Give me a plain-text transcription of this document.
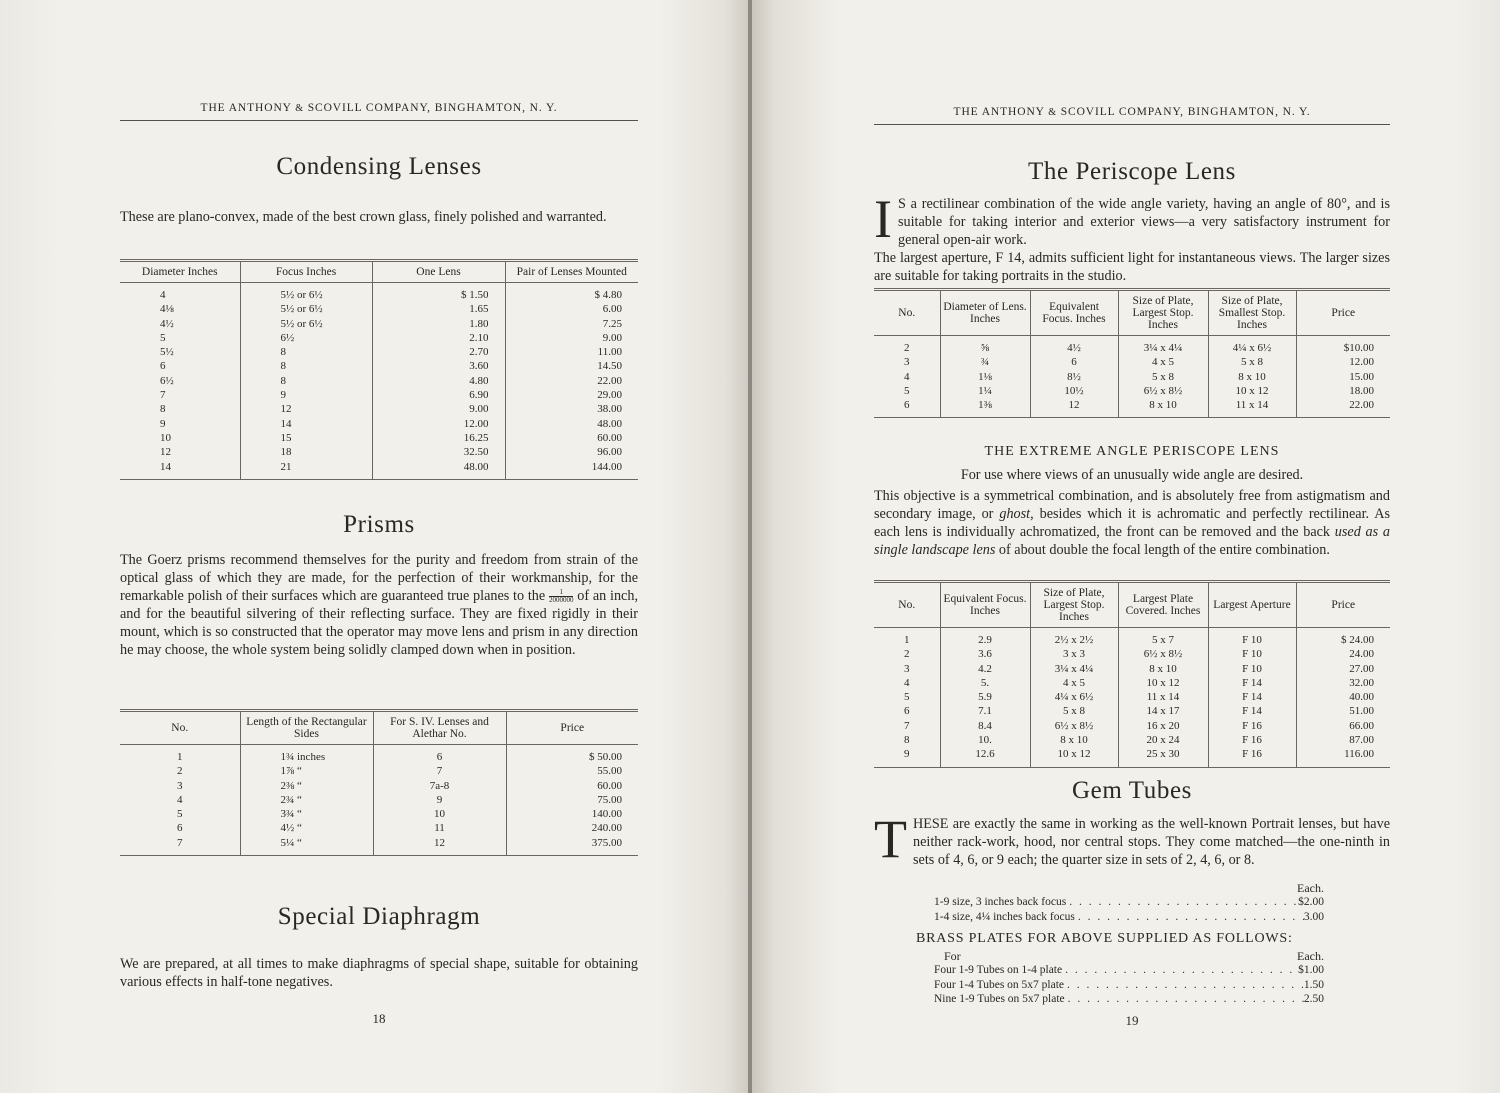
THE ANTHONY & SCOVILL COMPANY, BINGHAMTON, N. Y.
Condensing Lenses

These are plano-convex, made of the best crown glass, finely polished and warranted.

Diameter Inches	Focus Inches	One Lens	Pair of Lenses Mounted
4	5½ or 6½	$ 1.50	$ 4.80
4⅛	5½ or 6½	1.65	6.00
4½	5½ or 6½	1.80	7.25
5	6½	2.10	9.00
5½	8	2.70	11.00
6	8	3.60	14.50
6½	8	4.80	22.00
7	9	6.90	29.00
8	12	9.00	38.00
9	14	12.00	48.00
10	15	16.25	60.00
12	18	32.50	96.00
14	21	48.00	144.00
Prisms

The Goerz prisms recommend themselves for the purity and freedom from strain of the optical glass of which they are made, for the perfection of their workmanship, for the remarkable polish of their surfaces which are guaranteed true planes to the $\frac{1}{2000000}$ of an inch, and for the beautiful silvering of their reflecting surface. They are fixed rigidly in their mount, which is so constructed that the operator may move lens and prism in any direction he may choose, the whole system being solidly clamped down when in position.

No.	Length of the Rectangular Sides	For S. IV. Lenses and Alethar No.	Price
1	1¾ inches	6	$ 50.00
2	1⅞ “	7	55.00
3	2⅜ “	7a-8	60.00
4	2¾ “	9	75.00
5	3¾ “	10	140.00
6	4½ “	11	240.00
7	5¼ “	12	375.00
Special Diaphragm

We are prepared, at all times to make diaphragms of special shape, suitable for obtaining various effects in half-tone negatives.

18
THE ANTHONY & SCOVILL COMPANY, BINGHAMTON, N. Y.
The Periscope Lens

I S a rectilinear combination of the wide angle variety, having an angle of 80°, and is suitable for taking interior and exterior views—a very satisfactory instrument for general open-air work.

The largest aperture, F 14, admits sufficient light for instantaneous views. The larger sizes are suitable for taking portraits in the studio.

No.	Diameter of Lens. Inches	Equivalent Focus. Inches	Size of Plate, Largest Stop. Inches	Size of Plate, Smallest Stop. Inches	Price
2	⅝	4½	3¼ x 4¼	4¼ x 6½	$10.00
3	¾	6	4 x 5	5 x 8	12.00
4	1⅛	8½	5 x 8	8 x 10	15.00
5	1¼	10½	6½ x 8½	10 x 12	18.00
6	1⅜	12	8 x 10	11 x 14	22.00
THE EXTREME ANGLE PERISCOPE LENS

For use where views of an unusually wide angle are desired.

This objective is a symmetrical combination, and is absolutely free from astigmatism and secondary image, or ghost, besides which it is achromatic and perfectly rectilinear. As each lens is individually achromatized, the front can be removed and the back used as a single landscape lens of about double the focal length of the entire combination.

No.	Equivalent Focus. Inches	Size of Plate, Largest Stop. Inches	Largest Plate Covered. Inches	Largest Aperture	Price
1	2.9	2½ x 2½	5 x 7	F 10	$ 24.00
2	3.6	3 x 3	6½ x 8½	F 10	24.00
3	4.2	3¼ x 4¼	8 x 10	F 10	27.00
4	5.	4 x 5	10 x 12	F 14	32.00
5	5.9	4¼ x 6½	11 x 14	F 14	40.00
6	7.1	5 x 8	14 x 17	F 14	51.00
7	8.4	6½ x 8½	16 x 20	F 16	66.00
8	10.	8 x 10	20 x 24	F 16	87.00
9	12.6	10 x 12	25 x 30	F 16	116.00
Gem Tubes

T HESE are exactly the same in working as the well-known Portrait lenses, but have neither rack-work, hood, nor central stops. They come matched—the one-ninth in sets of 4, 6, or 9 each; the quarter size in sets of 2, 4, 6, or 8.

Each.
1-9 size, 3 inches back focus . . .	$2.00
1-4 size, 4¼ inches back focus . . .	3.00
BRASS PLATES FOR ABOVE SUPPLIED AS FOLLOWS:
For	Each.
Four 1-9 Tubes on 1-4 plate . . .	$1.00
Four 1-4 Tubes on 5x7 plate . . .	1.50
Nine 1-9 Tubes on 5x7 plate . . .	2.50
19
